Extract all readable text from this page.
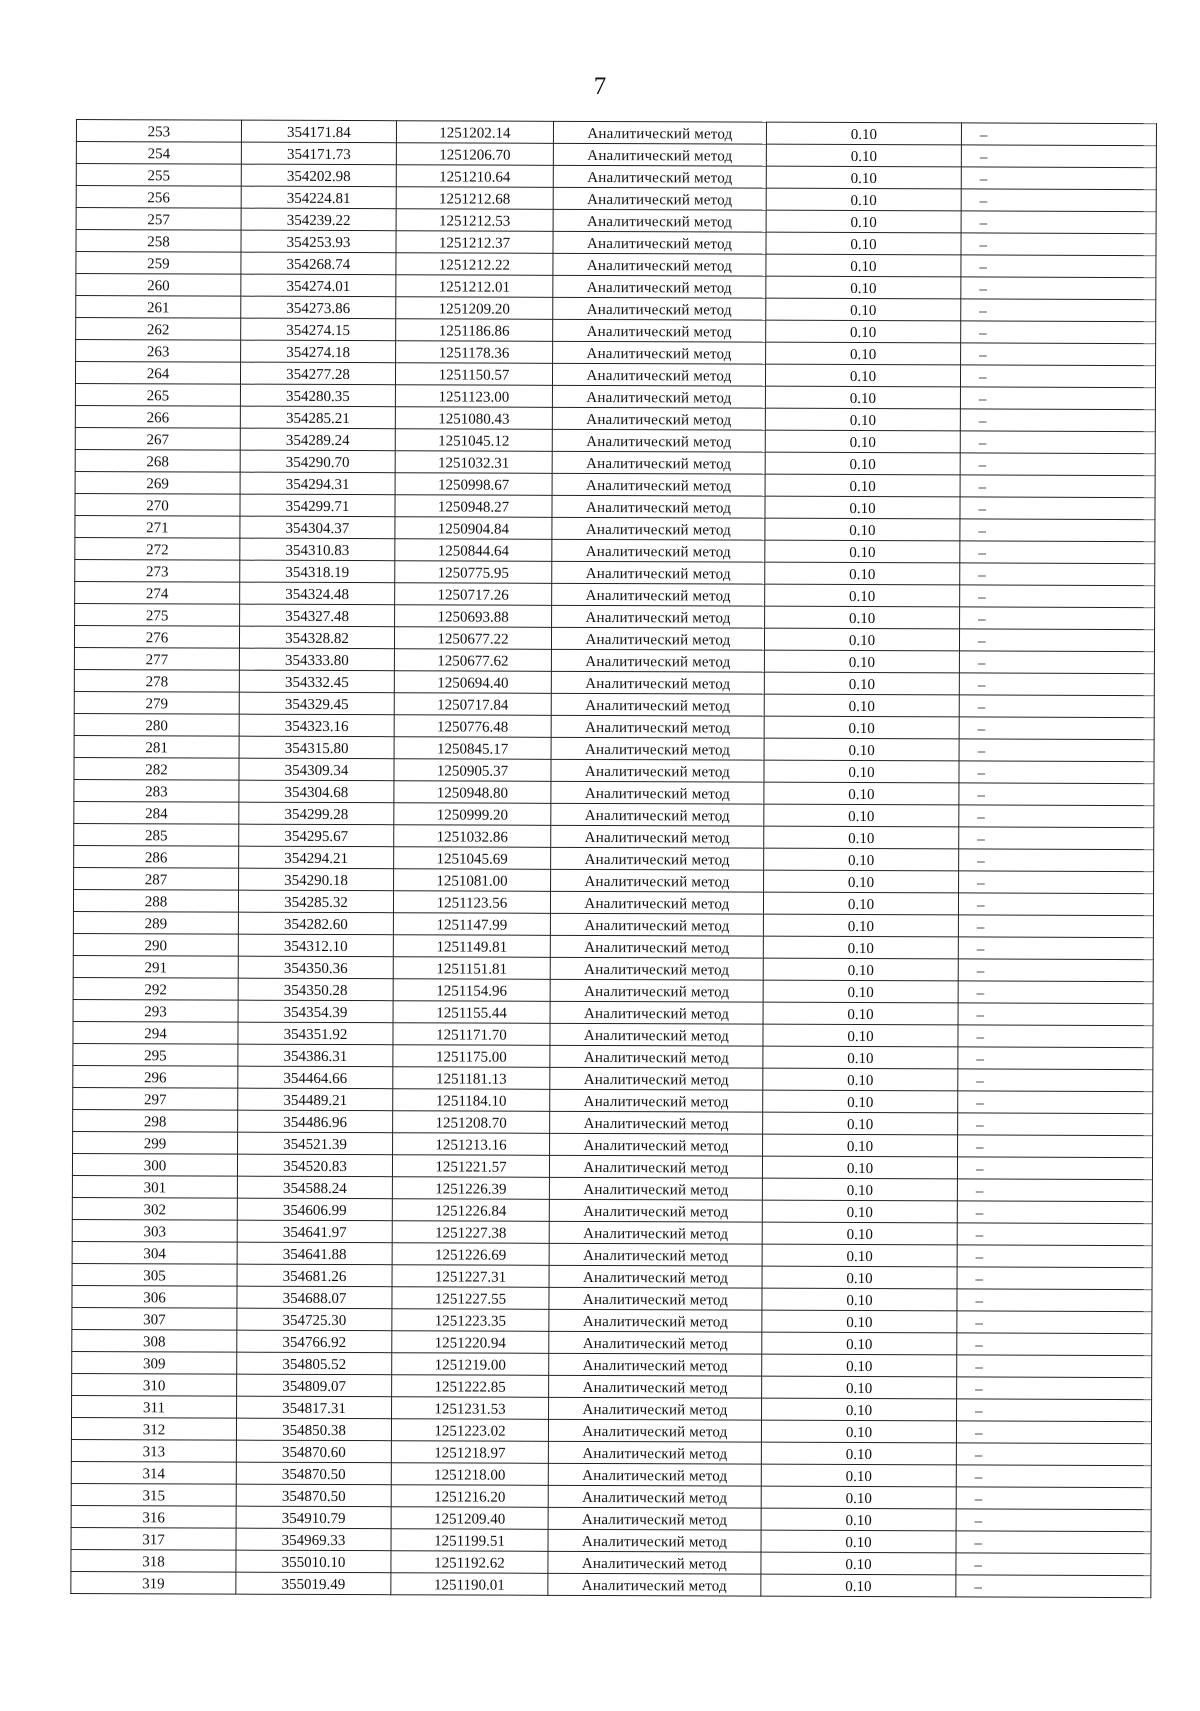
7
253	354171.84	1251202.14	Аналитический метод	0.10	–
254	354171.73	1251206.70	Аналитический метод	0.10	–
255	354202.98	1251210.64	Аналитический метод	0.10	–
256	354224.81	1251212.68	Аналитический метод	0.10	–
257	354239.22	1251212.53	Аналитический метод	0.10	–
258	354253.93	1251212.37	Аналитический метод	0.10	–
259	354268.74	1251212.22	Аналитический метод	0.10	–
260	354274.01	1251212.01	Аналитический метод	0.10	–
261	354273.86	1251209.20	Аналитический метод	0.10	–
262	354274.15	1251186.86	Аналитический метод	0.10	–
263	354274.18	1251178.36	Аналитический метод	0.10	–
264	354277.28	1251150.57	Аналитический метод	0.10	–
265	354280.35	1251123.00	Аналитический метод	0.10	–
266	354285.21	1251080.43	Аналитический метод	0.10	–
267	354289.24	1251045.12	Аналитический метод	0.10	–
268	354290.70	1251032.31	Аналитический метод	0.10	–
269	354294.31	1250998.67	Аналитический метод	0.10	–
270	354299.71	1250948.27	Аналитический метод	0.10	–
271	354304.37	1250904.84	Аналитический метод	0.10	–
272	354310.83	1250844.64	Аналитический метод	0.10	–
273	354318.19	1250775.95	Аналитический метод	0.10	–
274	354324.48	1250717.26	Аналитический метод	0.10	–
275	354327.48	1250693.88	Аналитический метод	0.10	–
276	354328.82	1250677.22	Аналитический метод	0.10	–
277	354333.80	1250677.62	Аналитический метод	0.10	–
278	354332.45	1250694.40	Аналитический метод	0.10	–
279	354329.45	1250717.84	Аналитический метод	0.10	–
280	354323.16	1250776.48	Аналитический метод	0.10	–
281	354315.80	1250845.17	Аналитический метод	0.10	–
282	354309.34	1250905.37	Аналитический метод	0.10	–
283	354304.68	1250948.80	Аналитический метод	0.10	–
284	354299.28	1250999.20	Аналитический метод	0.10	–
285	354295.67	1251032.86	Аналитический метод	0.10	–
286	354294.21	1251045.69	Аналитический метод	0.10	–
287	354290.18	1251081.00	Аналитический метод	0.10	–
288	354285.32	1251123.56	Аналитический метод	0.10	–
289	354282.60	1251147.99	Аналитический метод	0.10	–
290	354312.10	1251149.81	Аналитический метод	0.10	–
291	354350.36	1251151.81	Аналитический метод	0.10	–
292	354350.28	1251154.96	Аналитический метод	0.10	–
293	354354.39	1251155.44	Аналитический метод	0.10	–
294	354351.92	1251171.70	Аналитический метод	0.10	–
295	354386.31	1251175.00	Аналитический метод	0.10	–
296	354464.66	1251181.13	Аналитический метод	0.10	–
297	354489.21	1251184.10	Аналитический метод	0.10	–
298	354486.96	1251208.70	Аналитический метод	0.10	–
299	354521.39	1251213.16	Аналитический метод	0.10	–
300	354520.83	1251221.57	Аналитический метод	0.10	–
301	354588.24	1251226.39	Аналитический метод	0.10	–
302	354606.99	1251226.84	Аналитический метод	0.10	–
303	354641.97	1251227.38	Аналитический метод	0.10	–
304	354641.88	1251226.69	Аналитический метод	0.10	–
305	354681.26	1251227.31	Аналитический метод	0.10	–
306	354688.07	1251227.55	Аналитический метод	0.10	–
307	354725.30	1251223.35	Аналитический метод	0.10	–
308	354766.92	1251220.94	Аналитический метод	0.10	–
309	354805.52	1251219.00	Аналитический метод	0.10	–
310	354809.07	1251222.85	Аналитический метод	0.10	–
311	354817.31	1251231.53	Аналитический метод	0.10	–
312	354850.38	1251223.02	Аналитический метод	0.10	–
313	354870.60	1251218.97	Аналитический метод	0.10	–
314	354870.50	1251218.00	Аналитический метод	0.10	–
315	354870.50	1251216.20	Аналитический метод	0.10	–
316	354910.79	1251209.40	Аналитический метод	0.10	–
317	354969.33	1251199.51	Аналитический метод	0.10	–
318	355010.10	1251192.62	Аналитический метод	0.10	–
319	355019.49	1251190.01	Аналитический метод	0.10	–
